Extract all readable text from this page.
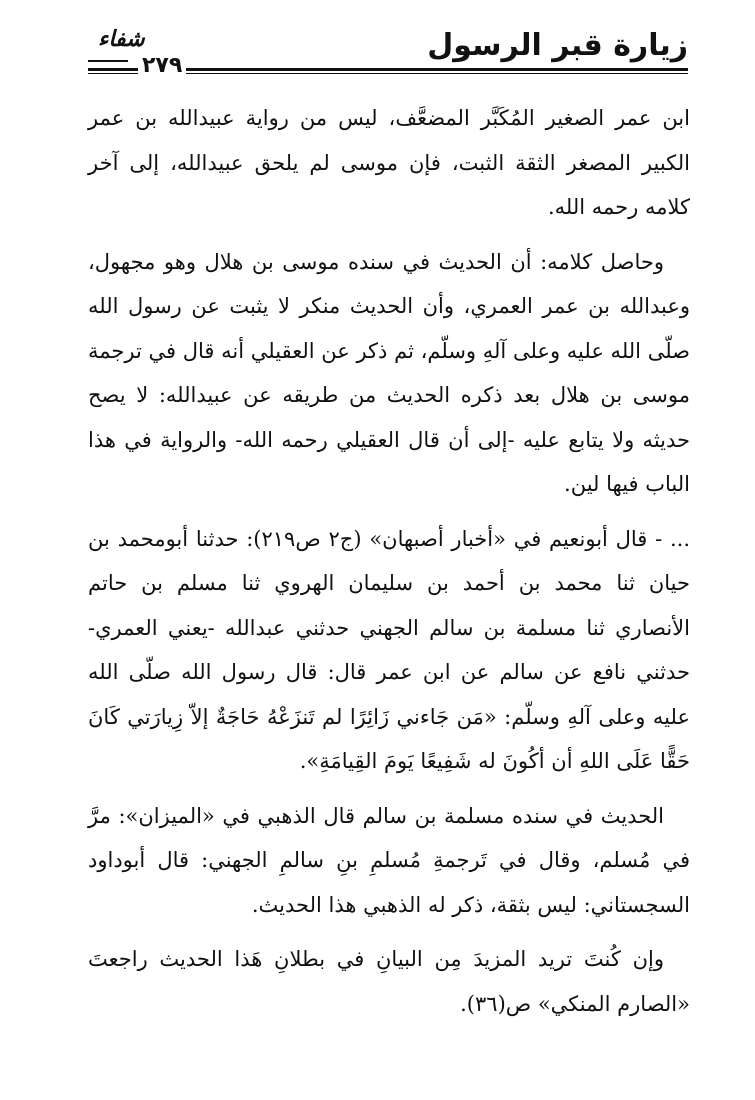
زيارة قبر الرسول
شفاء
٢٧٩

ابن عمر الصغير المُكَبَّر المضعَّف، ليس من رواية عبيدالله بن عمر الكبير المصغر الثقة الثبت، فإن موسى لم يلحق عبيدالله، إلى آخر كلامه رحمه الله.

وحاصل كلامه: أن الحديث في سنده موسى بن هلال وهو مجهول، وعبدالله بن عمر العمري، وأن الحديث منكر لا يثبت عن رسول الله صلّى الله عليه وعلى آلهِ وسلّم، ثم ذكر عن العقيلي أنه قال في ترجمة موسى بن هلال بعد ذكره الحديث من طريقه عن عبيدالله: لا يصح حديثه ولا يتابع عليه -إلى أن قال العقيلي رحمه الله- والرواية في هذا الباب فيها لين.

... - قال أبونعيم في «أخبار أصبهان» (ج٢ ص٢١٩): حدثنا أبومحمد بن حيان ثنا محمد بن أحمد بن سليمان الهروي ثنا مسلم بن حاتم الأنصاري ثنا مسلمة بن سالم الجهني حدثني عبدالله -يعني العمري- حدثني نافع عن سالم عن ابن عمر قال: قال رسول الله صلّى الله عليه وعلى آلهِ وسلّم: «مَن جَاءني زَائِرًا لم تَنزَعْهُ حَاجَةٌ إلاّ زِيارَتي كَانَ حَقًّا عَلَى اللهِ أن أكُونَ له شَفِيعًا يَومَ القِيامَةِ».

الحديث في سنده مسلمة بن سالم قال الذهبي في «الميزان»: مرَّ في مُسلم، وقال في تَرجمةِ مُسلمِ بنِ سالمِ الجهني: قال أبوداود السجستاني: ليس بثقة، ذكر له الذهبي هذا الحديث.

وإن كُنتَ تريد المزيدَ مِن البيانِ في بطلانِ هَذا الحديث راجعتَ «الصارم المنكي» ص(٣٦).
